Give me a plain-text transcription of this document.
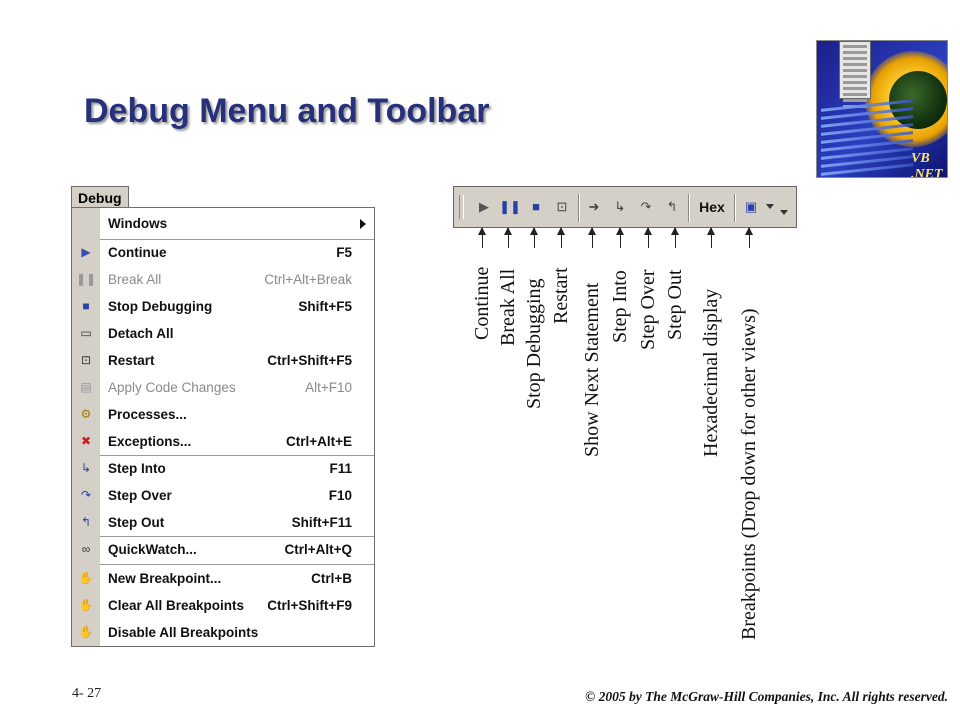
Debug Menu and Toolbar
VB .NET
Debug
Windows
▶	Continue	F5
❚❚ Break All	Ctrl+Alt+Break
■	Stop Debugging	Shift+F5
▭	Detach All
⊡	Restart	Ctrl+Shift+F5
▤	Apply Code Changes	Alt+F10
⚙	Processes...
✖	Exceptions...	Ctrl+Alt+E
↳	Step Into	F11
↷	Step Over	F10
↰	Step Out	Shift+F11
∞	QuickWatch...	Ctrl+Alt+Q
✋ New Breakpoint...	Ctrl+B
✋ Clear All Breakpoints Ctrl+Shift+F9
✋ Disable All Breakpoints
▶ ❚❚ ■	⊡	➜	↳	↷	↰	Hex	▣
Continue Break All Stop Debugging Restart Show Next Statement Step Into Step Over Step Out Hexadecimal display Breakpoints (Drop down for other views)
4- 27	© 2005 by The McGraw-Hill Companies, Inc. All rights reserved.
